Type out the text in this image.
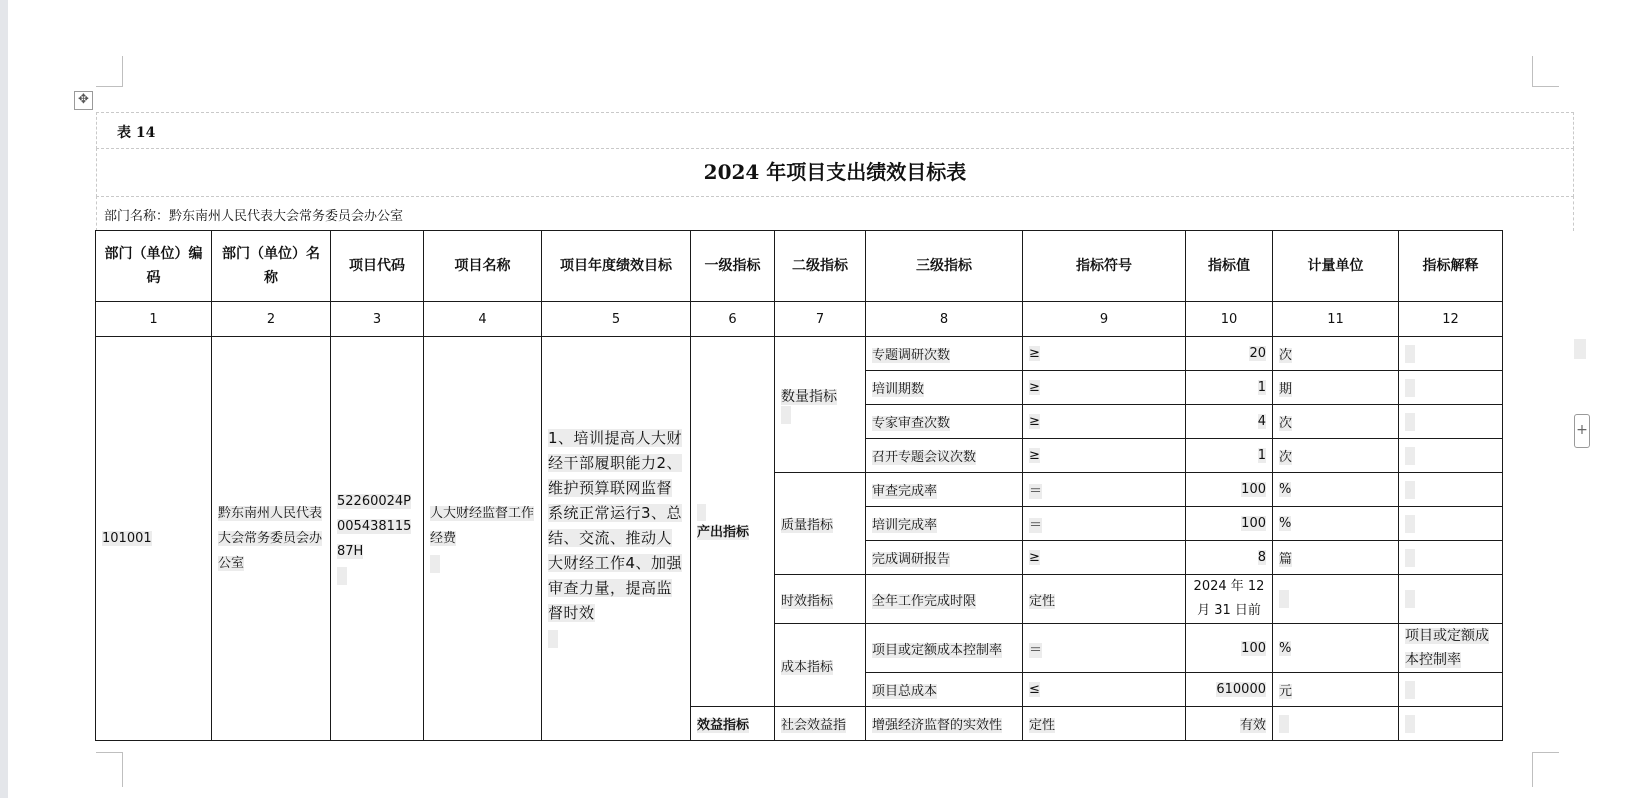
✥
+
表 14
2024 年项目支出绩效目标表
部门名称：黔东南州人民代表大会常务委员会办公室
部门（单位）编码	部门（单位）名称	项目代码	项目名称	项目年度绩效目标	一级指标	二级指标	三级指标	指标符号	指标值	计量单位	指标解释
1	2	3	4	5	6	7	8	9	10	11	12
101001	黔东南州人民代表大会常务委员会办公室	52260024P00543811587H	人大财经监督工作经费	1、培训提高人大财经干部履职能力2、维护预算联网监督系统正常运行3、总结、交流、推动人大财经工作4、加强审查力量，提高监督时效	产出指标	数量指标	专题调研次数	≥	20	次	
							培训期数	≥	1	期	
							专家审查次数	≥	4	次	
							召开专题会议次数	≥	1	次	
						质量指标	审查完成率	＝	100	%	
							培训完成率	＝	100	%	
							完成调研报告	≥	8	篇	
						时效指标	全年工作完成时限	定性	2024 年 12 月 31 日前		
						成本指标	项目或定额成本控制率	＝	100	%	项目或定额成本控制率
							项目总成本	≤	610000	元	
					效益指标	社会效益指	增强经济监督的实效性	定性	有效		
